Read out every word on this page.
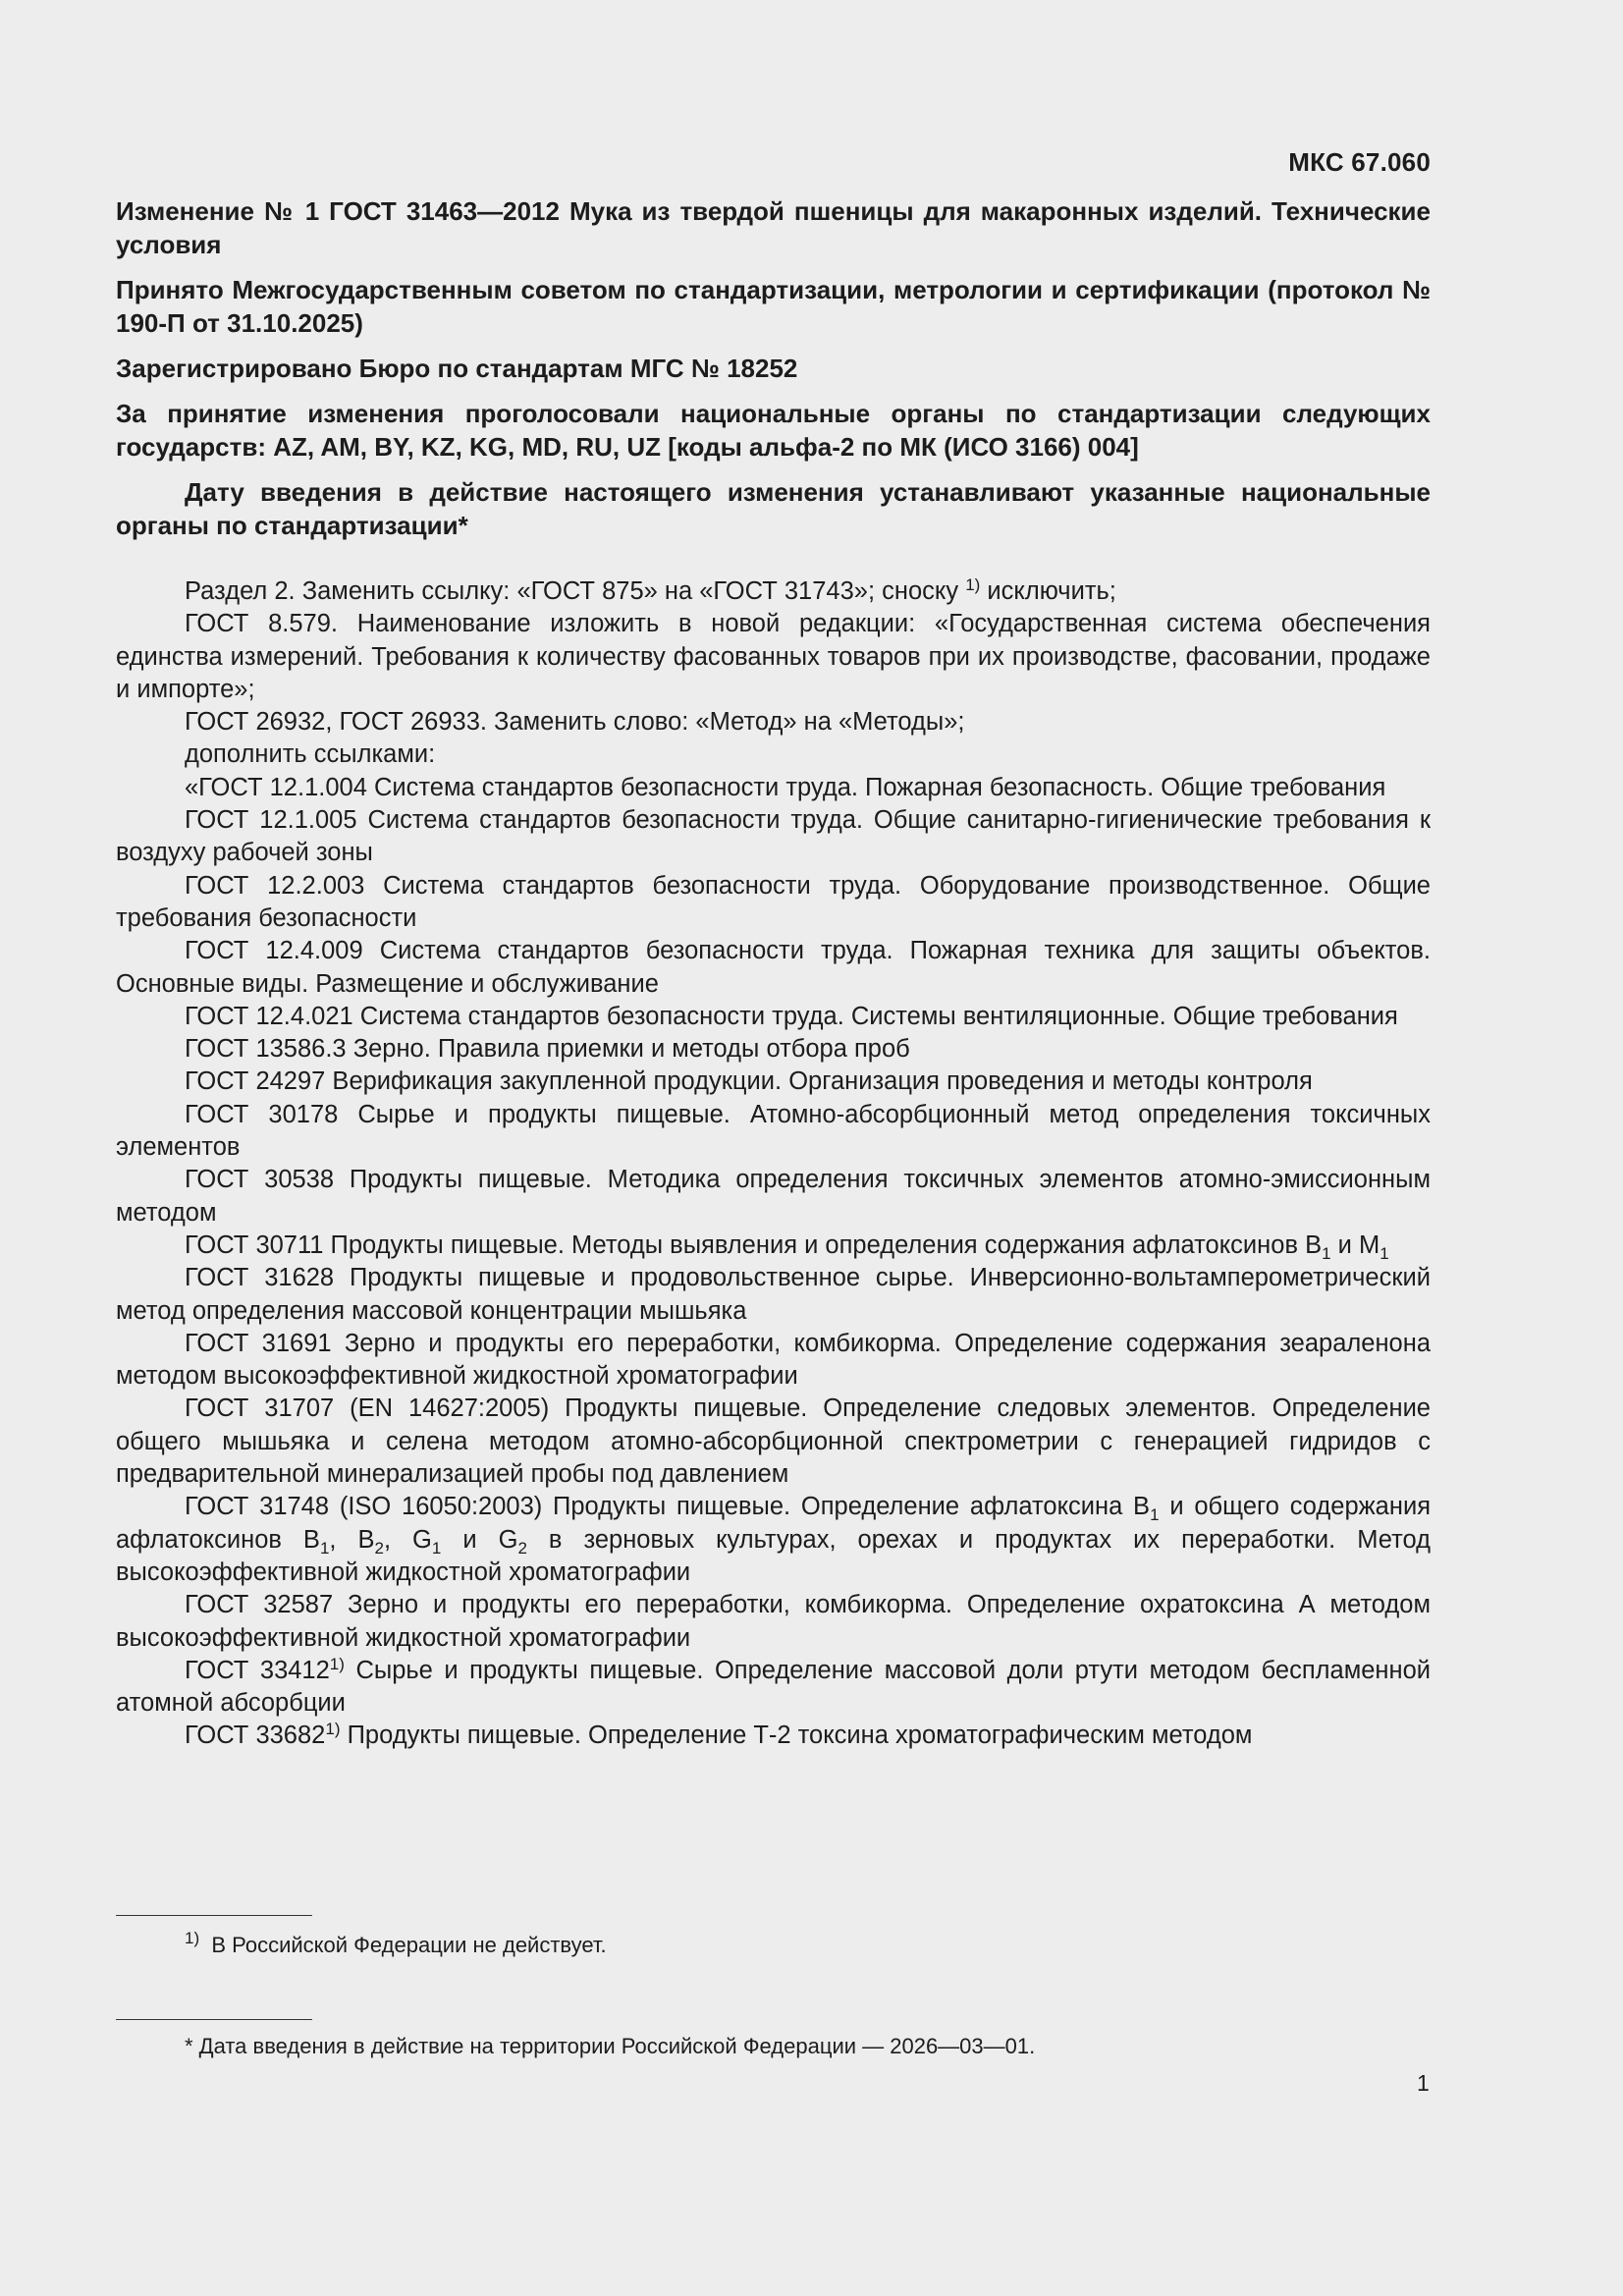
МКС 67.060

Изменение № 1 ГОСТ 31463—2012 Мука из твердой пшеницы для макаронных изделий. Технические условия

Принято Межгосударственным советом по стандартизации, метрологии и сертификации (протокол № 190-П от 31.10.2025)

Зарегистрировано Бюро по стандартам МГС № 18252

За принятие изменения проголосовали национальные органы по стандартизации следующих государств: AZ, AM, BY, KZ, KG, MD, RU, UZ [коды альфа-2 по МК (ИСО 3166) 004]

Дату введения в действие настоящего изменения устанавливают указанные национальные органы по стандартизации*

Раздел 2. Заменить ссылку: «ГОСТ 875» на «ГОСТ 31743»; сноску $^{1)}$ исключить;

ГОСТ 8.579. Наименование изложить в новой редакции: «Государственная система обеспечения единства измерений. Требования к количеству фасованных товаров при их производстве, фасовании, продаже и импорте»;

ГОСТ 26932, ГОСТ 26933. Заменить слово: «Метод» на «Методы»;

дополнить ссылками:

«ГОСТ 12.1.004 Система стандартов безопасности труда. Пожарная безопасность. Общие требования

ГОСТ 12.1.005 Система стандартов безопасности труда. Общие санитарно-гигиенические требования к воздуху рабочей зоны

ГОСТ 12.2.003 Система стандартов безопасности труда. Оборудование производственное. Общие требования безопасности

ГОСТ 12.4.009 Система стандартов безопасности труда. Пожарная техника для защиты объектов. Основные виды. Размещение и обслуживание

ГОСТ 12.4.021 Система стандартов безопасности труда. Системы вентиляционные. Общие требования

ГОСТ 13586.3 Зерно. Правила приемки и методы отбора проб

ГОСТ 24297 Верификация закупленной продукции. Организация проведения и методы контроля

ГОСТ 30178 Сырье и продукты пищевые. Атомно-абсорбционный метод определения токсичных элементов

ГОСТ 30538 Продукты пищевые. Методика определения токсичных элементов атомно-эмиссионным методом

ГОСТ 30711 Продукты пищевые. Методы выявления и определения содержания афлатоксинов $B_1$ и $M_1$

ГОСТ 31628 Продукты пищевые и продовольственное сырье. Инверсионно-вольтамперометрический метод определения массовой концентрации мышьяка

ГОСТ 31691 Зерно и продукты его переработки, комбикорма. Определение содержания зеараленона методом высокоэффективной жидкостной хроматографии

ГОСТ 31707 (EN 14627:2005) Продукты пищевые. Определение следовых элементов. Определение общего мышьяка и селена методом атомно-абсорбционной спектрометрии с генерацией гидридов с предварительной минерализацией пробы под давлением

ГОСТ 31748 (ISO 16050:2003) Продукты пищевые. Определение афлатоксина $B_1$ и общего содержания афлатоксинов $B_1$, $B_2$, $G_1$ и $G_2$ в зерновых культурах, орехах и продуктах их переработки. Метод высокоэффективной жидкостной хроматографии

ГОСТ 32587 Зерно и продукты его переработки, комбикорма. Определение охратоксина А методом высокоэффективной жидкостной хроматографии

ГОСТ 33412$^{1)}$ Сырье и продукты пищевые. Определение массовой доли ртути методом беспламенной атомной абсорбции

ГОСТ 33682$^{1)}$ Продукты пищевые. Определение Т-2 токсина хроматографическим методом

$^{1)}$ В Российской Федерации не действует.
* Дата введения в действие на территории Российской Федерации — 2026—03—01.
1
